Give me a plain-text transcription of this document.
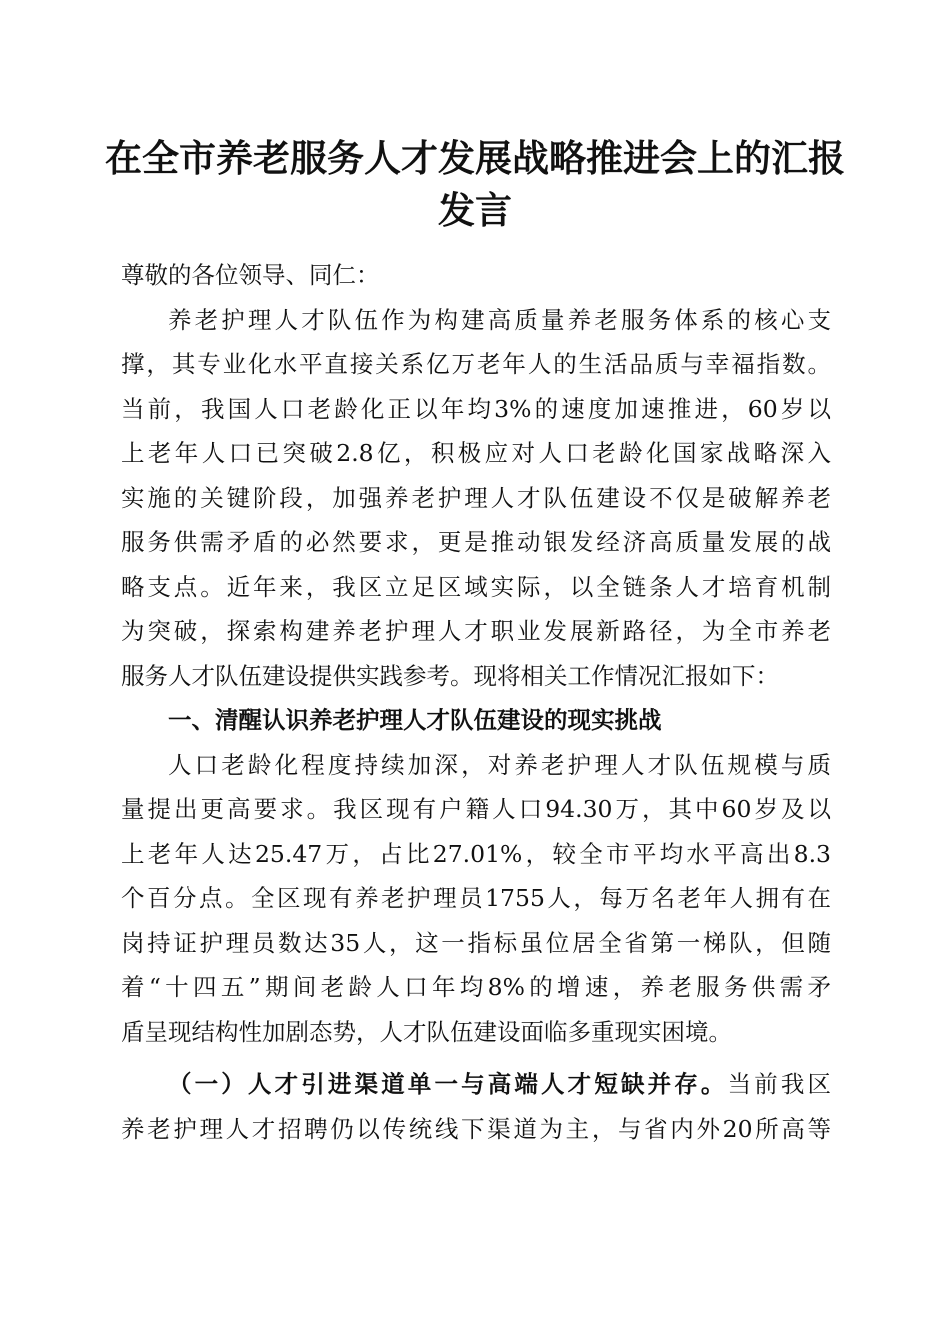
在全市养老服务人才发展战略推进会上的汇报
发言
尊敬的各位领导、同仁：
养老护理人才队伍作为构建高质量养老服务体系的核心支
撑，其专业化水平直接关系亿万老年人的生活品质与幸福指数。
当前，我国人口老龄化正以年均3%的速度加速推进，60岁以
上老年人口已突破2.8亿，积极应对人口老龄化国家战略深入
实施的关键阶段，加强养老护理人才队伍建设不仅是破解养老
服务供需矛盾的必然要求，更是推动银发经济高质量发展的战
略支点。近年来，我区立足区域实际，以全链条人才培育机制
为突破，探索构建养老护理人才职业发展新路径，为全市养老
服务人才队伍建设提供实践参考。现将相关工作情况汇报如下：
一、清醒认识养老护理人才队伍建设的现实挑战
人口老龄化程度持续加深，对养老护理人才队伍规模与质
量提出更高要求。我区现有户籍人口94.30万，其中60岁及以
上老年人达25.47万，占比27.01%，较全市平均水平高出8.3
个百分点。全区现有养老护理员1755人，每万名老年人拥有在
岗持证护理员数达35人，这一指标虽位居全省第一梯队，但随
着“十四五”期间老龄人口年均8%的增速，养老服务供需矛
盾呈现结构性加剧态势，人才队伍建设面临多重现实困境。
（一）人才引进渠道单一与高端人才短缺并存。当前我区
养老护理人才招聘仍以传统线下渠道为主，与省内外20所高等
